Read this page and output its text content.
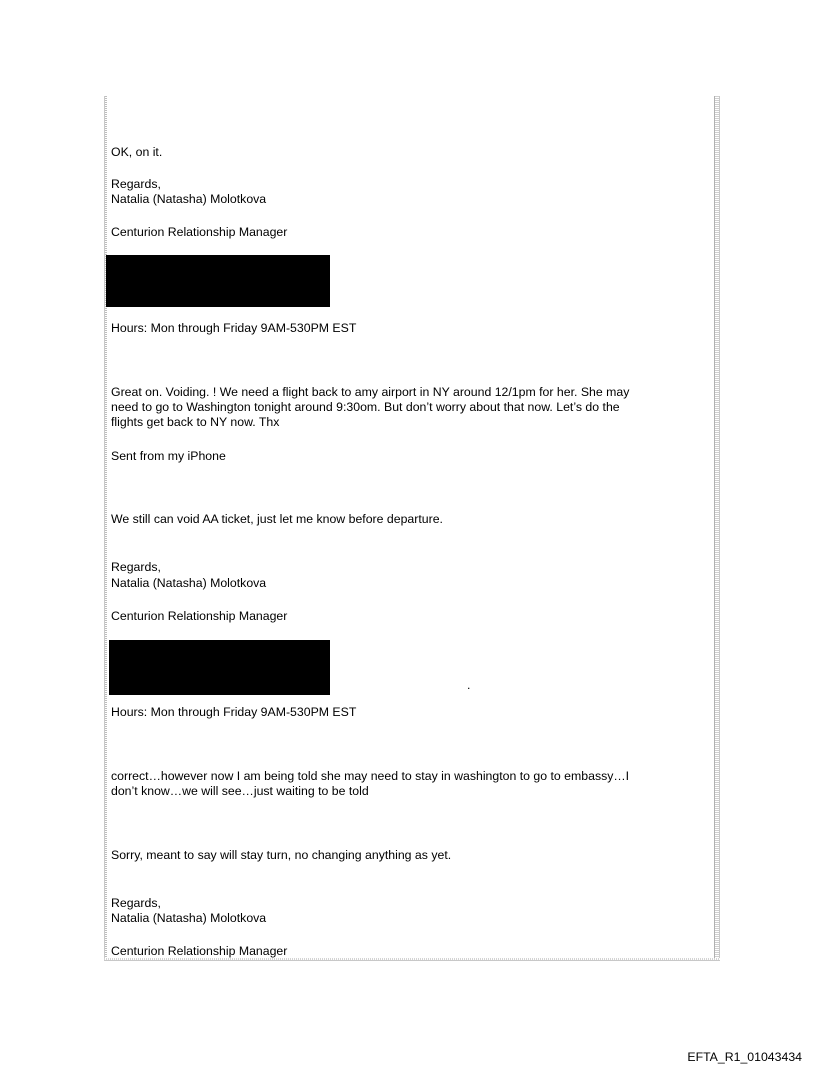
OK, on it.
Regards,
Natalia (Natasha) Molotkova
Centurion Relationship Manager
Hours: Mon through Friday 9AM-530PM EST
Great on. Voiding. ! We need a flight back to amy airport in NY around 12/1pm for her. She may
need to go to Washington tonight around 9:30om. But don’t worry about that now. Let’s do the
flights get back to NY now. Thx
Sent from my iPhone
We still can void AA ticket, just let me know before departure.
Regards,
Natalia (Natasha) Molotkova
Centurion Relationship Manager
.
Hours: Mon through Friday 9AM-530PM EST
correct…however now I am being told she may need to stay in washington to go to embassy…I
don’t know…we will see…just waiting to be told
Sorry, meant to say will stay turn, no changing anything as yet.
Regards,
Natalia (Natasha) Molotkova
Centurion Relationship Manager
EFTA_R1_01043434
